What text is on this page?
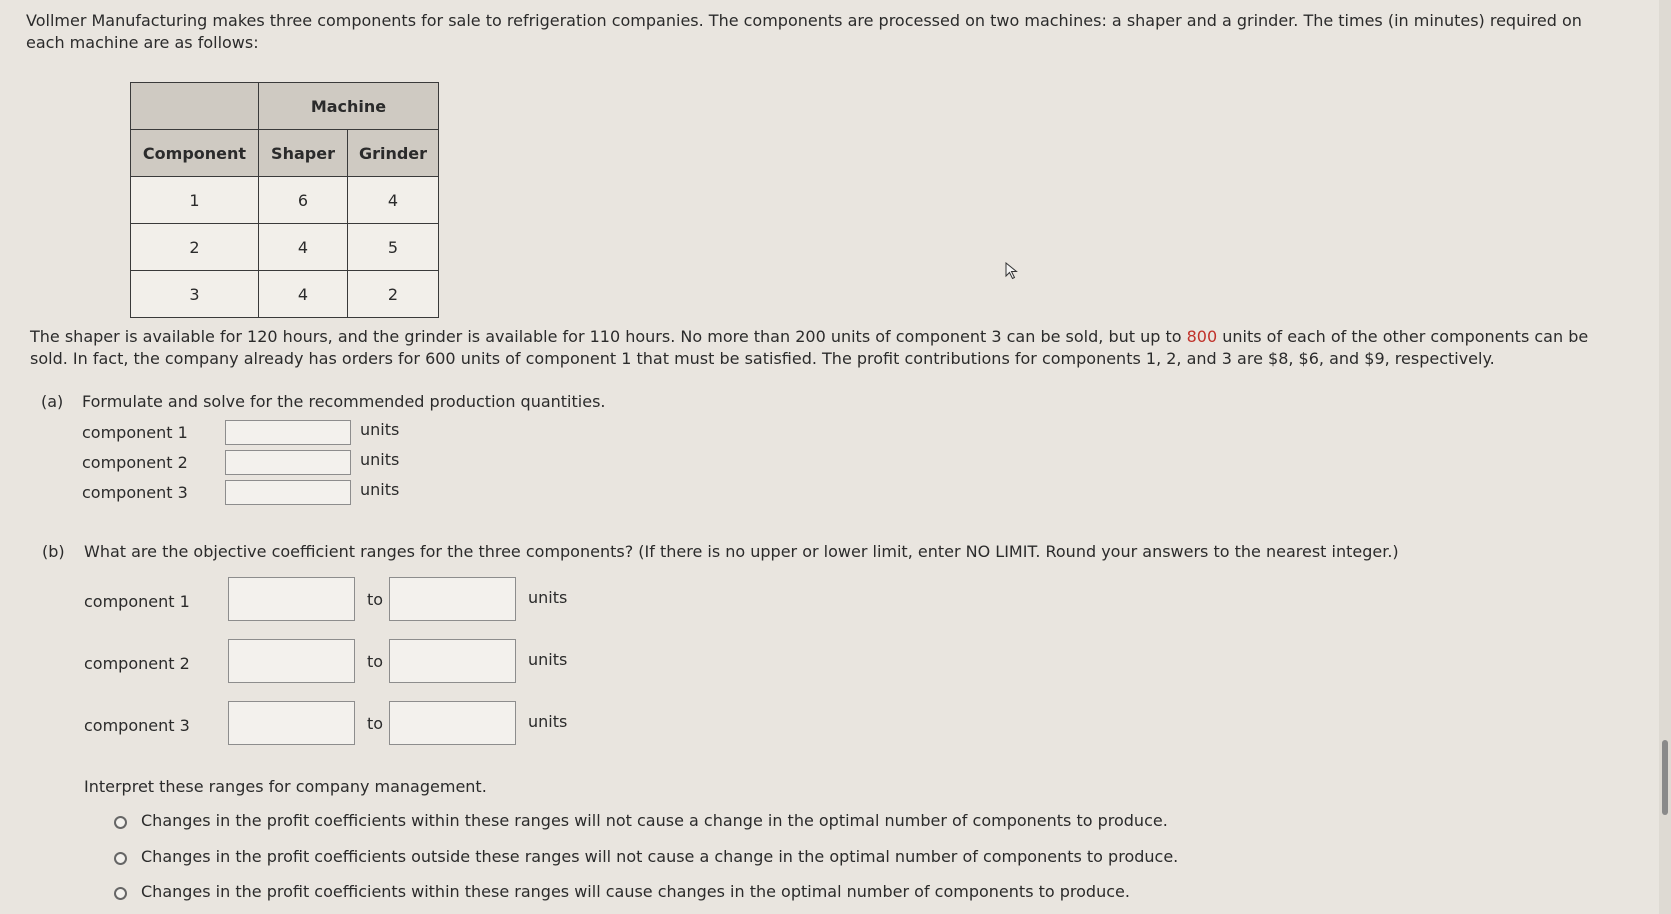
Vollmer Manufacturing makes three components for sale to refrigeration companies. The components are processed on two machines: a shaper and a grinder. The times (in minutes) required on each machine are as follows:

	Machine	
Component	Shaper	Grinder
1	6	4
2	4	5
3	4	2

The shaper is available for 120 hours, and the grinder is available for 110 hours. No more than 200 units of component 3 can be sold, but up to 800 units of each of the other components can be sold. In fact, the company already has orders for 600 units of component 1 that must be satisfied. The profit contributions for components 1, 2, and 3 are $8, $6, and $9, respectively.

(a) Formulate and solve for the recommended production quantities.
component 1	units
component 2	units
component 3	units
(b) What are the objective coefficient ranges for the three components? (If there is no upper or lower limit, enter NO LIMIT. Round your answers to the nearest integer.)
component 1	to	units
component 2	to	units
component 3	to	units
Interpret these ranges for company management.
Changes in the profit coefficients within these ranges will not cause a change in the optimal number of components to produce.
Changes in the profit coefficients outside these ranges will not cause a change in the optimal number of components to produce.
Changes in the profit coefficients within these ranges will cause changes in the optimal number of components to produce.
